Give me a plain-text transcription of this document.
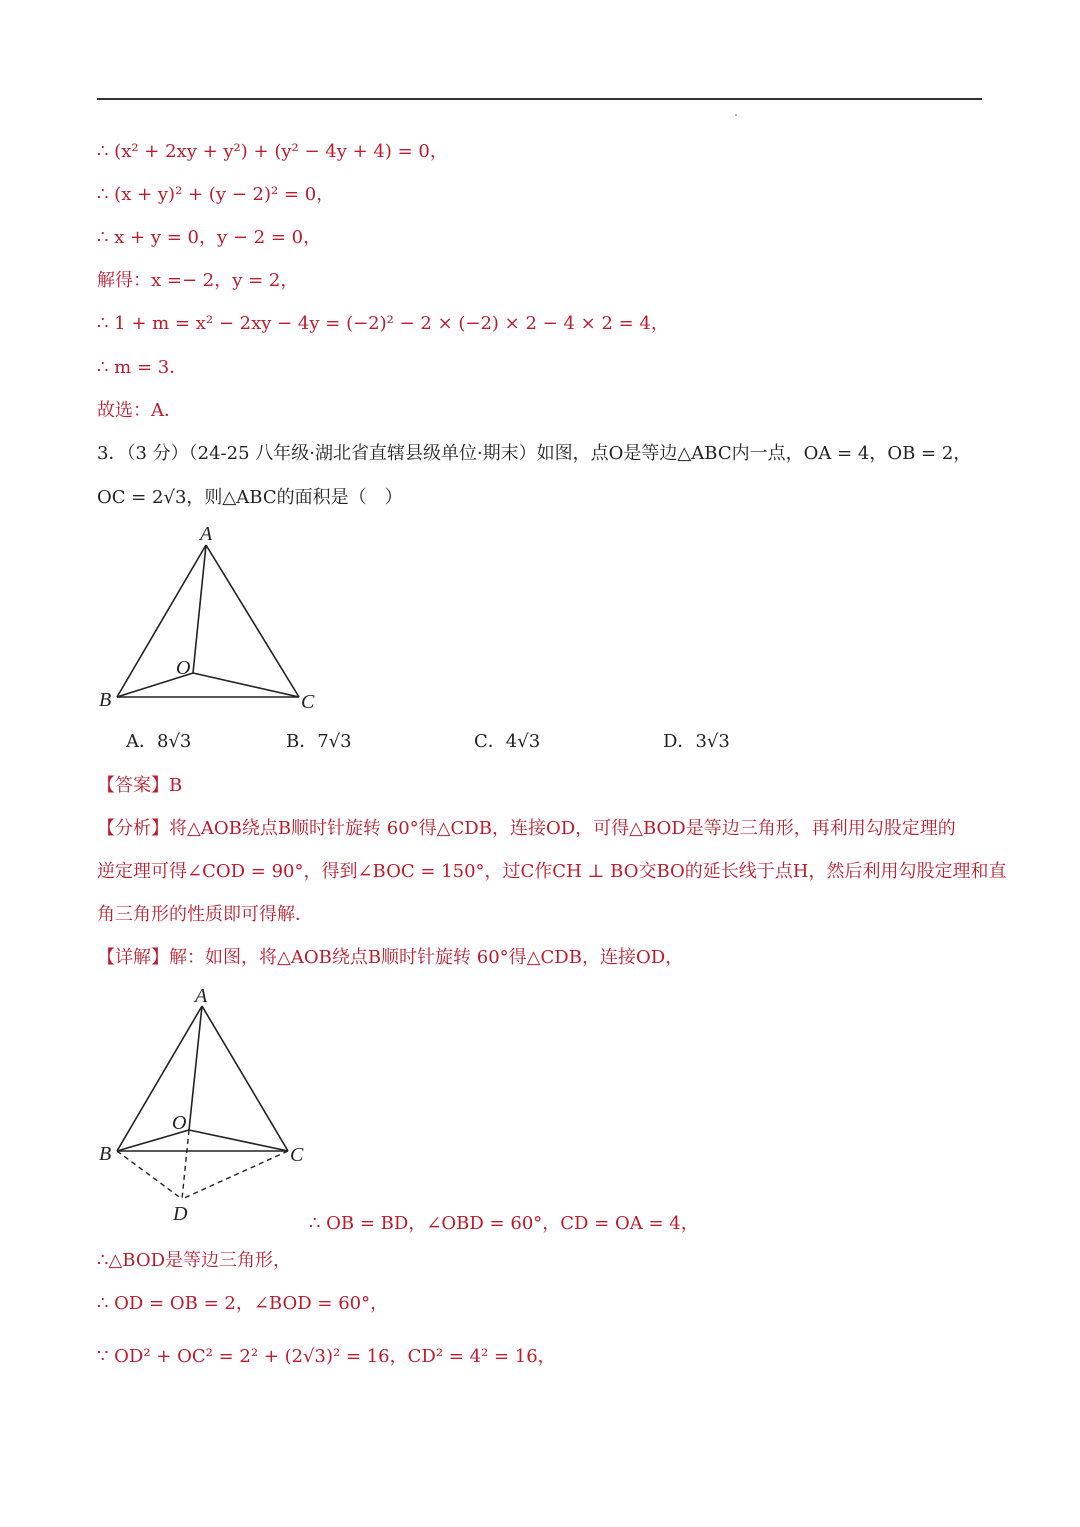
∴ (x² + 2xy + y²) + (y² − 4y + 4) = 0，
∴ (x + y)² + (y − 2)² = 0，
∴ x + y = 0，y − 2 = 0，
解得：x =− 2，y = 2，
∴ 1 + m = x² − 2xy − 4y = (−2)² − 2 × (−2) × 2 − 4 × 2 = 4，
∴ m = 3．
故选：A．
3．（3 分）（24-25 八年级·湖北省直辖县级单位·期末）如图，点O是等边△ABC内一点，OA = 4，OB = 2，
OC = 2√3，则△ABC的面积是（　）
A
B	C
O
A．8√3	B．7√3	C．4√3	D．3√3
【答案】B
【分析】将△AOB绕点B顺时针旋转 60°得△CDB，连接OD，可得△BOD是等边三角形，再利用勾股定理的
逆定理可得∠COD = 90°，得到∠BOC = 150°，过C作CH ⊥ BO交BO的延长线于点H，然后利用勾股定理和直
角三角形的性质即可得解．
【详解】解：如图，将△AOB绕点B顺时针旋转 60°得△CDB，连接OD，
A
B	C
O
D	∴ OB = BD，∠OBD = 60°，CD = OA = 4，
∴△BOD是等边三角形，
∴ OD = OB = 2，∠BOD = 60°，
∵ OD² + OC² = 2² + (2√3)² = 16，CD² = 4² = 16，
